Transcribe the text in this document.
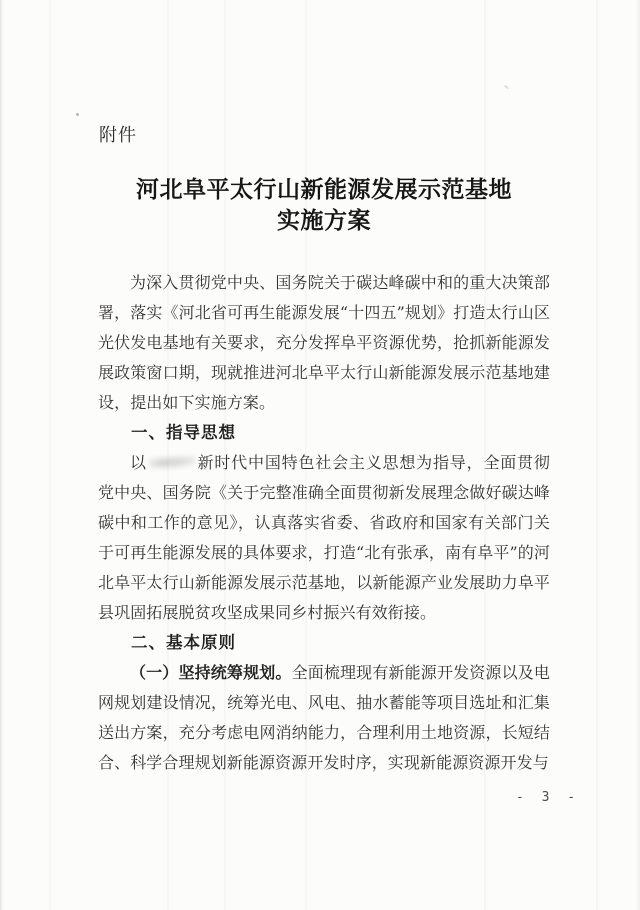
附件
河北阜平太行山新能源发展示范基地
实施方案

为深入贯彻党中央、国务院关于碳达峰碳中和的重大决策部署，落实《河北省可再生能源发展“十四五”规划》打造太行山区光伏发电基地有关要求，充分发挥阜平资源优势，抢抓新能源发展政策窗口期，现就推进河北阜平太行山新能源发展示范基地建设，提出如下实施方案。

一、指导思想

以	新时代中国特色社会主义思想为指导，全面贯彻党中央、国务院《关于完整准确全面贯彻新发展理念做好碳达峰碳中和工作的意见》，认真落实省委、省政府和国家有关部门关于可再生能源发展的具体要求，打造“北有张承，南有阜平”的河北阜平太行山新能源发展示范基地，以新能源产业发展助力阜平县巩固拓展脱贫攻坚成果同乡村振兴有效衔接。

二、基本原则

（一）坚持统筹规划。全面梳理现有新能源开发资源以及电网规划建设情况，统筹光电、风电、抽水蓄能等项目选址和汇集送出方案，充分考虑电网消纳能力，合理利用土地资源，长短结合、科学合理规划新能源资源开发时序，实现新能源资源开发与

- 3 -
